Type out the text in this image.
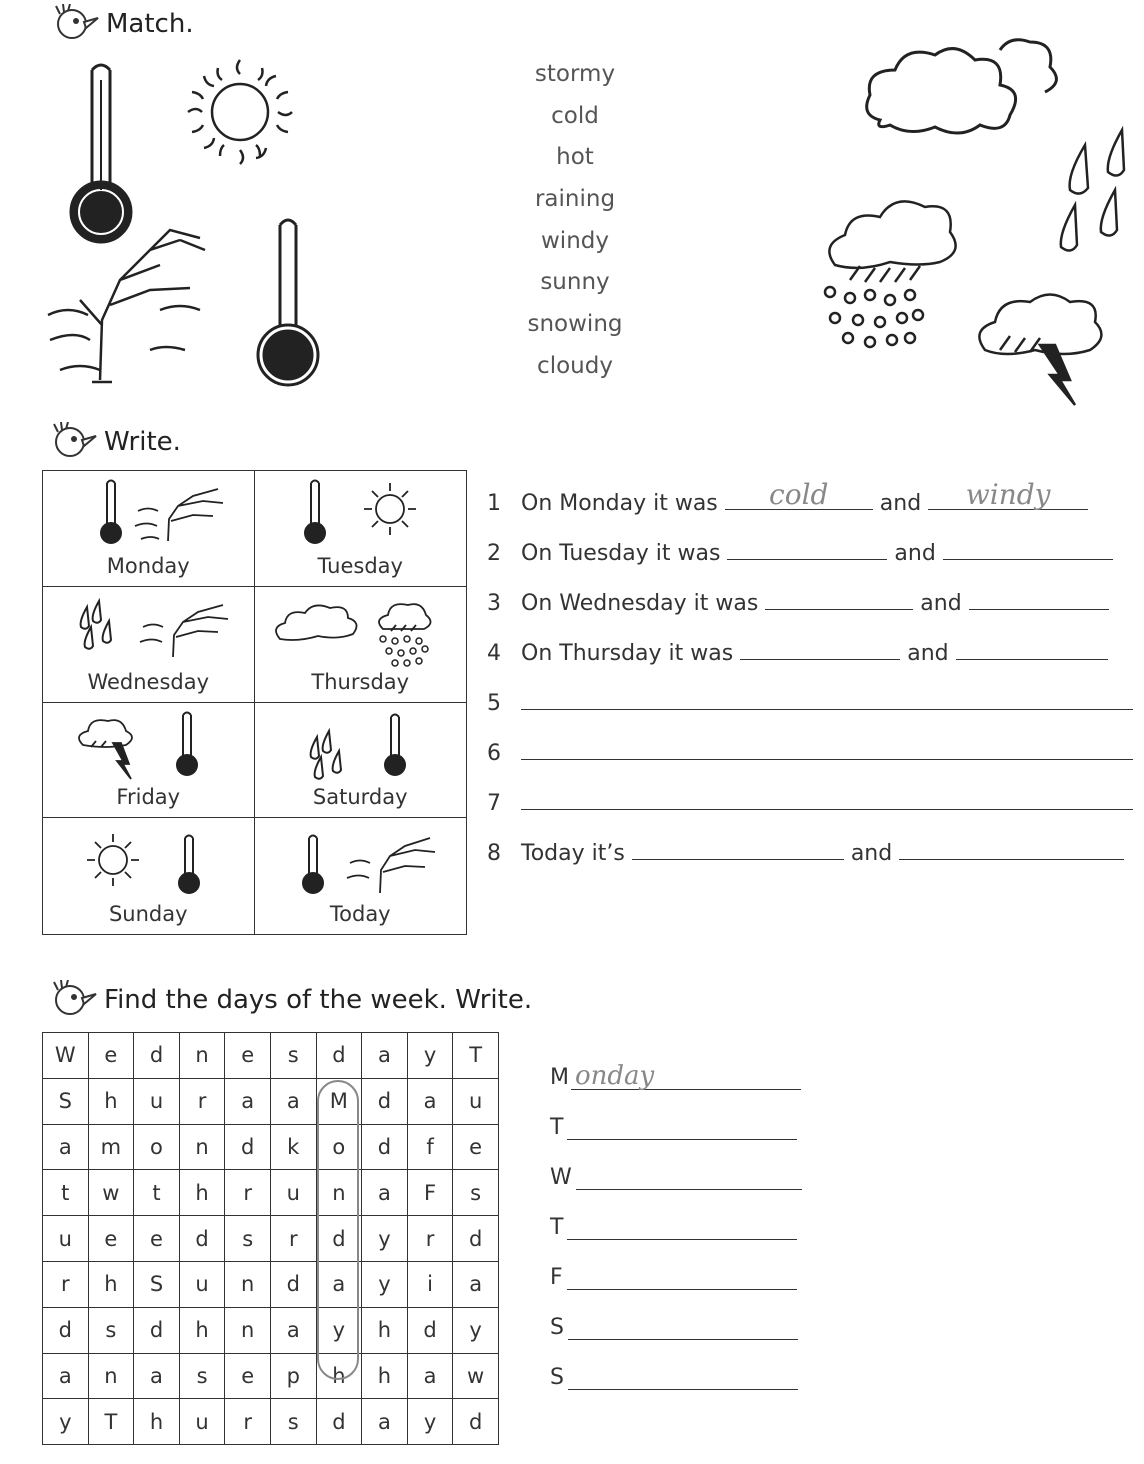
Match.
stormy
cold
hot
raining
windy
sunny
snowing
cloudy
Write.
Monday	Tuesday
Wednesday	Thursday
Friday	Saturday
Sunday	Today
1 On Monday it was	cold	and	windy
2 On Tuesday it was	and
3 On Wednesday it was	and
4 On Thursday it was	and
5
6
7
8 Today it’s	and
Find the days of the week. Write.
W	e	d	n	e	s	d	a	y	T
S	h	u	r	a	a	M	d	a	u
a	m	o	n	d	k	o	d	f	e
t	w	t	h	r	u	n	a	F	s
u	e	e	d	s	r	d	y	r	d
r	h	S	u	n	d	a	y	i	a
d	s	d	h	n	a	y	h	d	y
a	n	a	s	e	p	h	h	a	w
y	T	h	u	r	s	d	a	y	d
M onday
T
W
T
F
S
S
